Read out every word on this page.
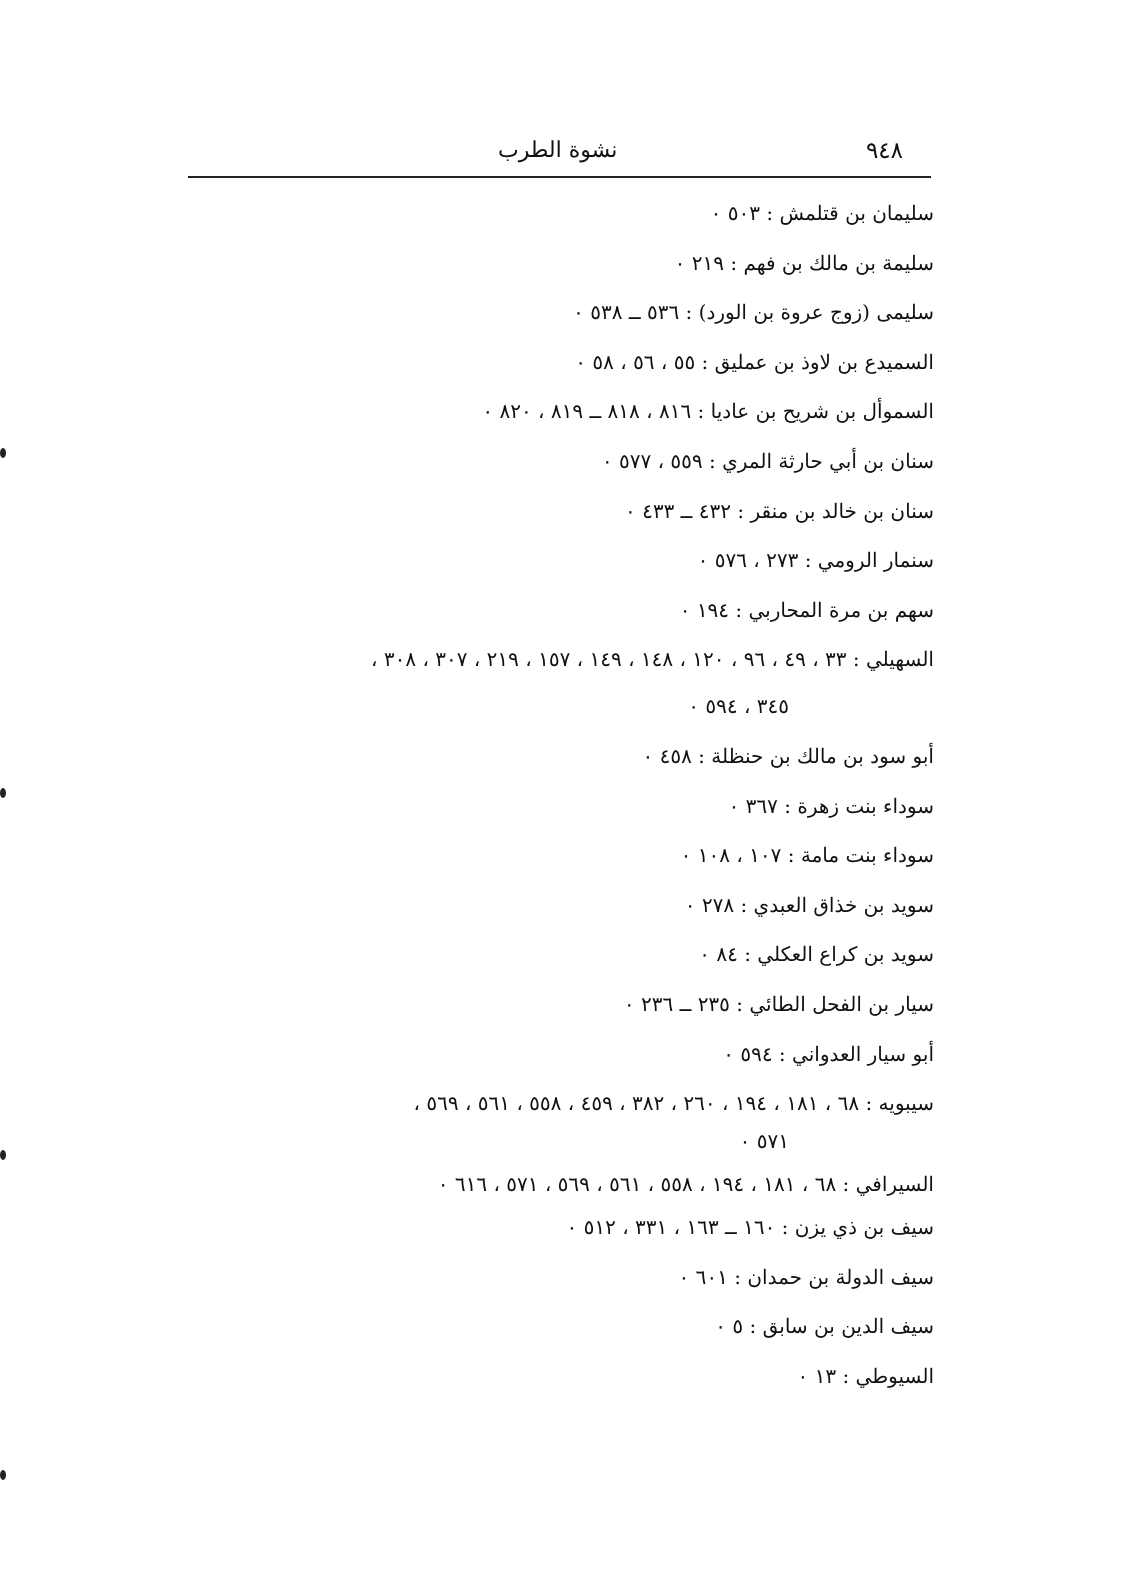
٩٤٨
نشوة الطرب
سليمان بن قتلمش : ٥٠٣ ٠
سليمة بن مالك بن فهم : ٢١٩ ٠
سليمى (زوج عروة بن الورد) : ٥٣٦ ــ ٥٣٨ ٠
السميدع بن لاوذ بن عمليق : ٥٥ ، ٥٦ ، ٥٨ ٠
السموأل بن شريح بن عاديا : ٨١٦ ، ٨١٨ ــ ٨١٩ ، ٨٢٠ ٠
سنان بن أبي حارثة المري : ٥٥٩ ، ٥٧٧ ٠
سنان بن خالد بن منقر : ٤٣٢ ــ ٤٣٣ ٠
سنمار الرومي : ٢٧٣ ، ٥٧٦ ٠
سهم بن مرة المحاربي : ١٩٤ ٠
السهيلي : ٣٣ ، ٤٩ ، ٩٦ ، ١٢٠ ، ١٤٨ ، ١٤٩ ، ١٥٧ ، ٢١٩ ، ٣٠٧ ، ٣٠٨ ،
٣٤٥ ، ٥٩٤ ٠
أبو سود بن مالك بن حنظلة : ٤٥٨ ٠
سوداء بنت زهرة : ٣٦٧ ٠
سوداء بنت مامة : ١٠٧ ، ١٠٨ ٠
سويد بن خذاق العبدي : ٢٧٨ ٠
سويد بن كراع العكلي : ٨٤ ٠
سيار بن الفحل الطائي : ٢٣٥ ــ ٢٣٦ ٠
أبو سيار العدواني : ٥٩٤ ٠
سيبويه : ٦٨ ، ١٨١ ، ١٩٤ ، ٢٦٠ ، ٣٨٢ ، ٤٥٩ ، ٥٥٨ ، ٥٦١ ، ٥٦٩ ،
٥٧١ ٠
السيرافي : ٦٨ ، ١٨١ ، ١٩٤ ، ٥٥٨ ، ٥٦١ ، ٥٦٩ ، ٥٧١ ، ٦١٦ ٠
سيف بن ذي يزن : ١٦٠ ــ ١٦٣ ، ٣٣١ ، ٥١٢ ٠
سيف الدولة بن حمدان : ٦٠١ ٠
سيف الدين بن سابق : ٥ ٠
السيوطي : ١٣ ٠
